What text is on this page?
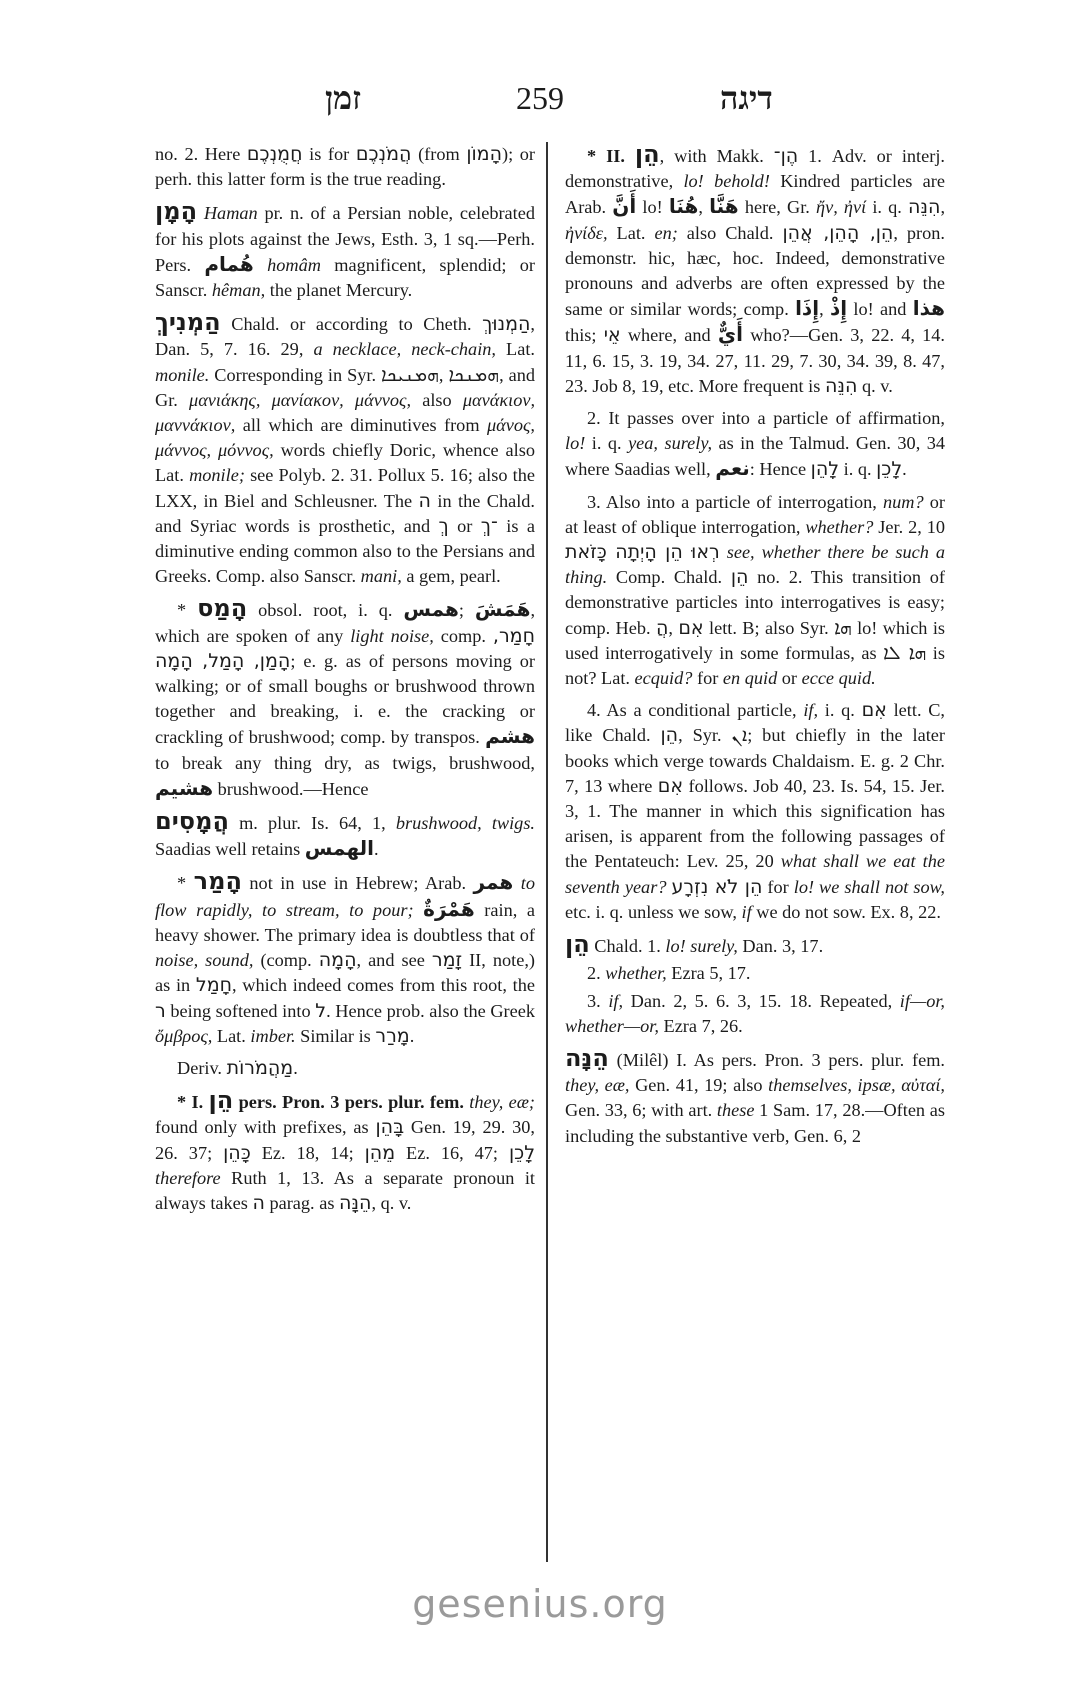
זמן	259	דיגה

no. 2. Here חֲמֻנְכֶם is for הֲמֹנְכֶם (from הָמוֹן); or perh. this latter form is the true reading.

הָמָן Haman pr. n. of a Persian noble, celebrated for his plots against the Jews, Esth. 3, 1 sq.—Perh. Pers. هُمام homâm magnificent, splendid; or Sanscr. hêman, the planet Mercury.

הַמְנִיךְ Chald. or according to Cheth. הַמְנוּךְ, Dan. 5, 7. 16. 29, a necklace, neck-chain, Lat. monile. Corresponding in Syr. ܗܡܢܝܟܐ, ܗܡܢܟܐ, and Gr. μανιάκης, μανίακον, μάννος, also μανάκιον, μαννάκιον, all which are diminutives from μάνος, μάννος, μόννος, words chiefly Doric, whence also Lat. monile; see Polyb. 2. 31. Pollux 5. 16; also the LXX, in Biel and Schleusner. The ה in the Chald. and Syriac words is prosthetic, and ךְ or ־ךְ is a diminutive ending common also to the Persians and Greeks. Comp. also Sanscr. mani, a gem, pearl.

* הָמַס obsol. root, i. q. همس; هَمَشَ, which are spoken of any light noise, comp. חָמַר, הָמַן, הָמַל, הָמָה; e. g. as of persons moving or walking; or of small boughs or brushwood thrown together and breaking, i. e. the cracking or crackling of brushwood; comp. by transpos. هشم to break any thing dry, as twigs, brushwood, هشيم brushwood.—Hence

הֲמָסִים m. plur. Is. 64, 1, brushwood, twigs. Saadias well retains الهمس.

* הָמַר not in use in Hebrew; Arab. همر to flow rapidly, to stream, to pour; هَمْرَةٌ rain, a heavy shower. The primary idea is doubtless that of noise, sound, (comp. הָמָה, and see זָמַר II, note,) as in חָמַל, which indeed comes from this root, the ר being softened into ל. Hence prob. also the Greek ὄμβρος, Lat. imber. Similar is מָרַר.

Deriv. מַהֲמֹרוֹת.

* I. הֵן pers. Pron. 3 pers. plur. fem. they, eæ; found only with prefixes, as בָּהֵן Gen. 19, 29. 30, 26. 37; כָּהֵן Ez. 18, 14; מֵהֵן Ez. 16, 47; לָכֵן therefore Ruth 1, 13. As a separate pronoun it always takes ה parag. as הֵנָּה, q. v.

* II. הֵן, with Makk. הֶן־ 1. Adv. or interj. demonstrative, lo! behold! Kindred particles are Arab. أَنَّ lo! هُنَا, هَنَّا here, Gr. ἤν, ἠνί i. q. הִנֵּה, ἠνίδε, Lat. en; also Chald. הֵן, הָהֵן, אֲהֵן, pron. demonstr. hic, hæc, hoc. Indeed, demonstrative pronouns and adverbs are often expressed by the same or similar words; comp. إِذَا, إِذْ lo! and هذا this; אֵי where, and أَيٌّ who?—Gen. 3, 22. 4, 14. 11, 6. 15, 3. 19, 34. 27, 11. 29, 7. 30, 34. 39, 8. 47, 23. Job 8, 19, etc. More frequent is הִנֵּה q. v.

2. It passes over into a particle of affirmation, lo! i. q. yea, surely, as in the Talmud. Gen. 30, 34 where Saadias well, نعم: Hence לָהֵן i. q. לָכֵן.

3. Also into a particle of interrogation, num? or at least of oblique interrogation, whether? Jer. 2, 10 רְאוּ הֵן הָיְתָה כָּזֹאת see, whether there be such a thing. Comp. Chald. הֵן no. 2. This transition of demonstrative particles into interrogatives is easy; comp. Heb. הֲ, אִם lett. B; also Syr. ܗܐ lo! which is used interrogatively in some formulas, as ܗܐ ܠܐ is not? Lat. ecquid? for en quid or ecce quid.

4. As a conditional particle, if, i. q. אִם lett. C, like Chald. הֵן, Syr. ܐܢ; but chiefly in the later books which verge towards Chaldaism. E. g. 2 Chr. 7, 13 where אִם follows. Job 40, 23. Is. 54, 15. Jer. 3, 1. The manner in which this signification has arisen, is apparent from the following passages of the Pentateuch: Lev. 25, 20 what shall we eat the seventh year? הֵן לֹא נִזְרָע for lo! we shall not sow, etc. i. q. unless we sow, if we do not sow. Ex. 8, 22.

הֵן Chald. 1. lo! surely, Dan. 3, 17.

2. whether, Ezra 5, 17.

3. if, Dan. 2, 5. 6. 3, 15. 18. Repeated, if—or, whether—or, Ezra 7, 26.

הֵנָּה (Milêl) I. As pers. Pron. 3 pers. plur. fem. they, eæ, Gen. 41, 19; also themselves, ipsæ, αὐταί, Gen. 33, 6; with art. these 1 Sam. 17, 28.—Often as including the substantive verb, Gen. 6, 2

gesenius.org
